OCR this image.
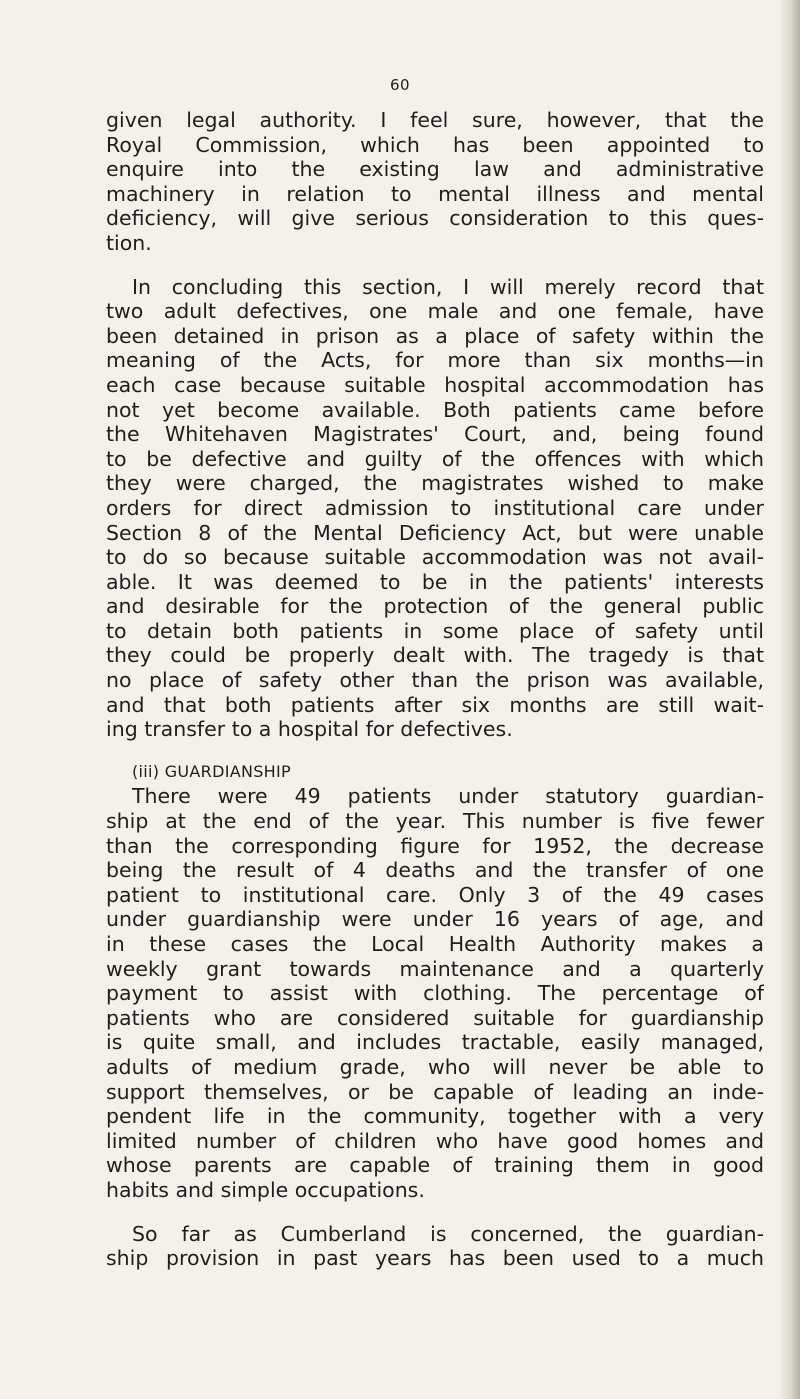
60
given legal authority. I feel sure, however, that the
Royal Commission, which has been appointed to
enquire into the existing law and administrative
machinery in relation to mental illness and mental
deficiency, will give serious consideration to this ques-
tion.
In concluding this section, I will merely record that
two adult defectives, one male and one female, have
been detained in prison as a place of safety within the
meaning of the Acts, for more than six months—in
each case because suitable hospital accommodation has
not yet become available. Both patients came before
the Whitehaven Magistrates' Court, and, being found
to be defective and guilty of the offences with which
they were charged, the magistrates wished to make
orders for direct admission to institutional care under
Section 8 of the Mental Deficiency Act, but were unable
to do so because suitable accommodation was not avail-
able. It was deemed to be in the patients' interests
and desirable for the protection of the general public
to detain both patients in some place of safety until
they could be properly dealt with. The tragedy is that
no place of safety other than the prison was available,
and that both patients after six months are still wait-
ing transfer to a hospital for defectives.
(iii) GUARDIANSHIP
There were 49 patients under statutory guardian-
ship at the end of the year. This number is five fewer
than the corresponding figure for 1952, the decrease
being the result of 4 deaths and the transfer of one
patient to institutional care. Only 3 of the 49 cases
under guardianship were under 16 years of age, and
in these cases the Local Health Authority makes a
weekly grant towards maintenance and a quarterly
payment to assist with clothing. The percentage of
patients who are considered suitable for guardianship
is quite small, and includes tractable, easily managed,
adults of medium grade, who will never be able to
support themselves, or be capable of leading an inde-
pendent life in the community, together with a very
limited number of children who have good homes and
whose parents are capable of training them in good
habits and simple occupations.
So far as Cumberland is concerned, the guardian-
ship provision in past years has been used to a much
